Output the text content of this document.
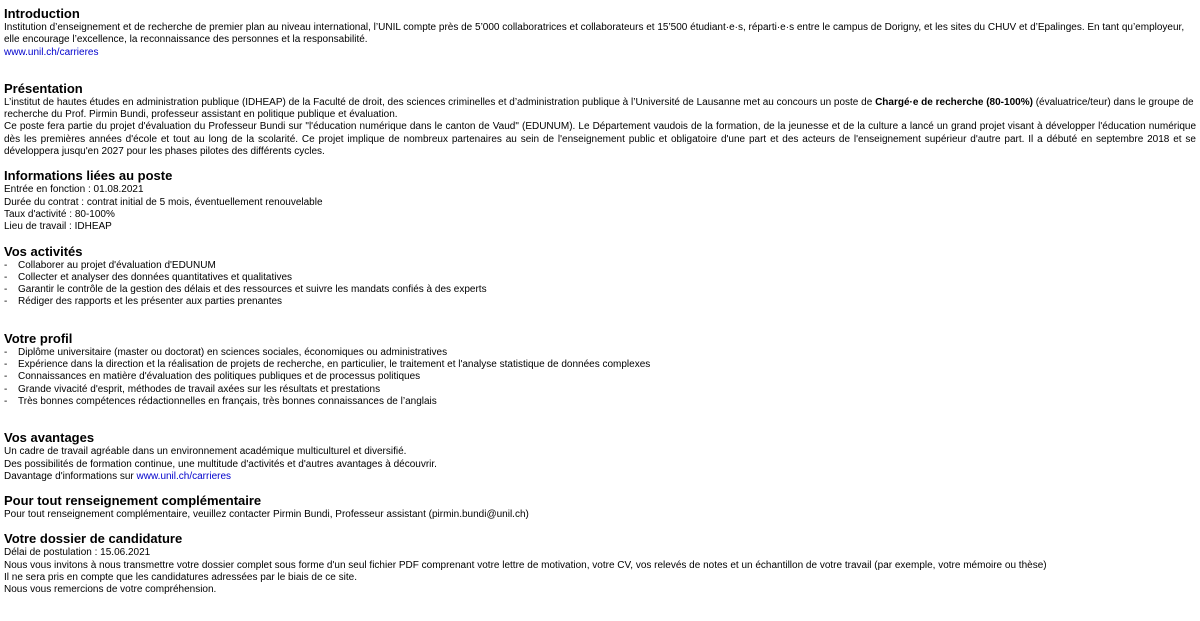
Introduction

Institution d’enseignement et de recherche de premier plan au niveau international, l’UNIL compte près de 5’000 collaboratrices et collaborateurs et 15’500 étudiant·e·s, réparti·e·s entre le campus de Dorigny, et les sites du CHUV et d’Epalinges. En tant qu’employeur, elle encourage l’excellence, la reconnaissance des personnes et la responsabilité.

www.unil.ch/carrieres

Présentation

L’institut de hautes études en administration publique (IDHEAP) de la Faculté de droit, des sciences criminelles et d’administration publique à l’Université de Lausanne met au concours un poste de Chargé·e de recherche (80-100%) (évaluatrice/teur) dans le groupe de recherche du Prof. Pirmin Bundi, professeur assistant en politique publique et évaluation.

Ce poste fera partie du projet d'évaluation du Professeur Bundi sur "l'éducation numérique dans le canton de Vaud" (EDUNUM). Le Département vaudois de la formation, de la jeunesse et de la culture a lancé un grand projet visant à développer l'éducation numérique dès les premières années d'école et tout au long de la scolarité. Ce projet implique de nombreux partenaires au sein de l'enseignement public et obligatoire d'une part et des acteurs de l'enseignement supérieur d'autre part. Il a débuté en septembre 2018 et se développera jusqu'en 2027 pour les phases pilotes des différents cycles.

Informations liées au poste

Entrée en fonction : 01.08.2021

Durée du contrat : contrat initial de 5 mois, éventuellement renouvelable

Taux d'activité : 80-100%

Lieu de travail : IDHEAP

Vos activités
- Collaborer au projet d'évaluation d'EDUNUM
- Collecter et analyser des données quantitatives et qualitatives
- Garantir le contrôle de la gestion des délais et des ressources et suivre les mandats confiés à des experts
- Rédiger des rapports et les présenter aux parties prenantes
Votre profil
- Diplôme universitaire (master ou doctorat) en sciences sociales, économiques ou administratives
- Expérience dans la direction et la réalisation de projets de recherche, en particulier, le traitement et l'analyse statistique de données complexes
- Connaissances en matière d'évaluation des politiques publiques et de processus politiques
- Grande vivacité d'esprit, méthodes de travail axées sur les résultats et prestations
- Très bonnes compétences rédactionnelles en français, très bonnes connaissances de l’anglais
Vos avantages

Un cadre de travail agréable dans un environnement académique multiculturel et diversifié.

Des possibilités de formation continue, une multitude d'activités et d'autres avantages à découvrir.

Davantage d'informations sur www.unil.ch/carrieres

Pour tout renseignement complémentaire

Pour tout renseignement complémentaire, veuillez contacter Pirmin Bundi, Professeur assistant (pirmin.bundi@unil.ch)

Votre dossier de candidature

Délai de postulation : 15.06.2021

Nous vous invitons à nous transmettre votre dossier complet sous forme d'un seul fichier PDF comprenant votre lettre de motivation, votre CV, vos relevés de notes et un échantillon de votre travail (par exemple, votre mémoire ou thèse)

Il ne sera pris en compte que les candidatures adressées par le biais de ce site.

Nous vous remercions de votre compréhension.
